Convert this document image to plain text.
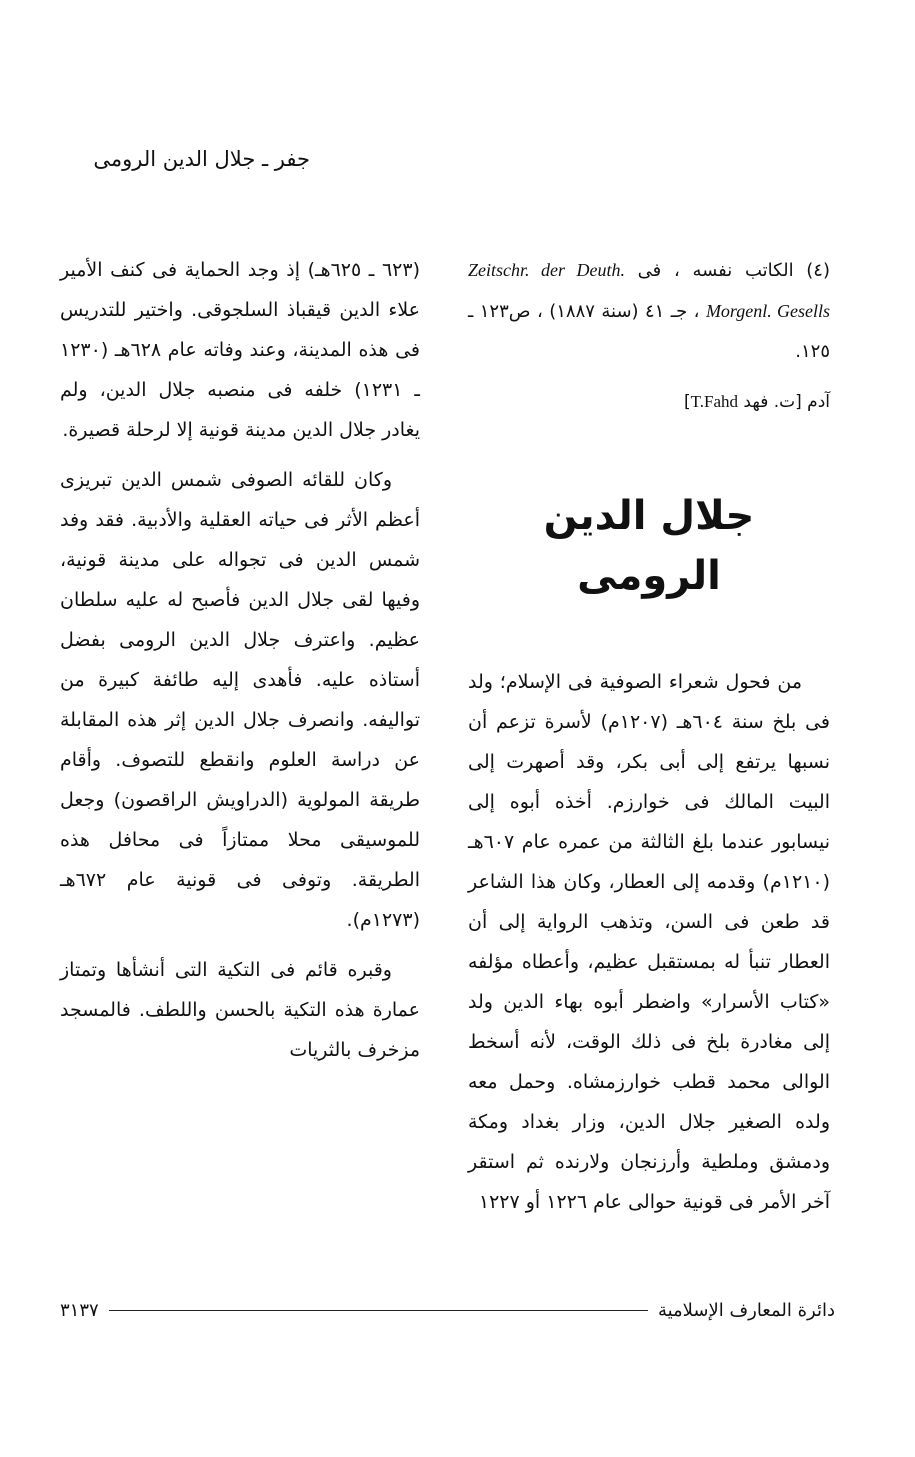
جفر ـ جلال الدين الرومى

(٤) الكاتب نفسه ، فى Zeitschr. der Deuth. Morgenl. Gesells ، جـ ٤١ (سنة ١٨٨٧) ، ص١٢٣ ـ ١٢٥.

آدم [ت. فهد T.Fahd]

جلال الدين الرومى

من فحول شعراء الصوفية فى الإسلام؛ ولد فى بلخ سنة ٦٠٤هـ (١٢٠٧م) لأسرة تزعم أن نسبها يرتفع إلى أبى بكر، وقد أصهرت إلى البيت المالك فى خوارزم. أخذه أبوه إلى نيسابور عندما بلغ الثالثة من عمره عام ٦٠٧هـ (١٢١٠م) وقدمه إلى العطار، وكان هذا الشاعر قد طعن فى السن، وتذهب الرواية إلى أن العطار تنبأ له بمستقبل عظيم، وأعطاه مؤلفه «كتاب الأسرار» واضطر أبوه بهاء الدين ولد إلى مغادرة بلخ فى ذلك الوقت، لأنه أسخط الوالى محمد قطب خوارزمشاه. وحمل معه ولده الصغير جلال الدين، وزار بغداد ومكة ودمشق وملطية وأرزنجان ولارنده ثم استقر آخر الأمر فى قونية حوالى عام ١٢٢٦ أو ١٢٢٧

(٦٢٣ ـ ٦٢٥هـ) إذ وجد الحماية فى كنف الأمير علاء الدين قيقباذ السلجوقى. واختير للتدريس فى هذه المدينة، وعند وفاته عام ٦٢٨هـ (١٢٣٠ ـ ١٢٣١) خلفه فى منصبه جلال الدين، ولم يغادر جلال الدين مدينة قونية إلا لرحلة قصيرة.

وكان للقائه الصوفى شمس الدين تبريزى أعظم الأثر فى حياته العقلية والأدبية. فقد وفد شمس الدين فى تجواله على مدينة قونية، وفيها لقى جلال الدين فأصبح له عليه سلطان عظيم. واعترف جلال الدين الرومى بفضل أستاذه عليه. فأهدى إليه طائفة كبيرة من تواليفه. وانصرف جلال الدين إثر هذه المقابلة عن دراسة العلوم وانقطع للتصوف. وأقام طريقة المولوية (الدراويش الراقصون) وجعل للموسيقى محلا ممتازاً فى محافل هذه الطريقة. وتوفى فى قونية عام ٦٧٢هـ (١٢٧٣م).

وقبره قائم فى التكية التى أنشأها وتمتاز عمارة هذه التكية بالحسن واللطف. فالمسجد مزخرف بالثريات

دائرة المعارف الإسلامية
٣١٣٧
